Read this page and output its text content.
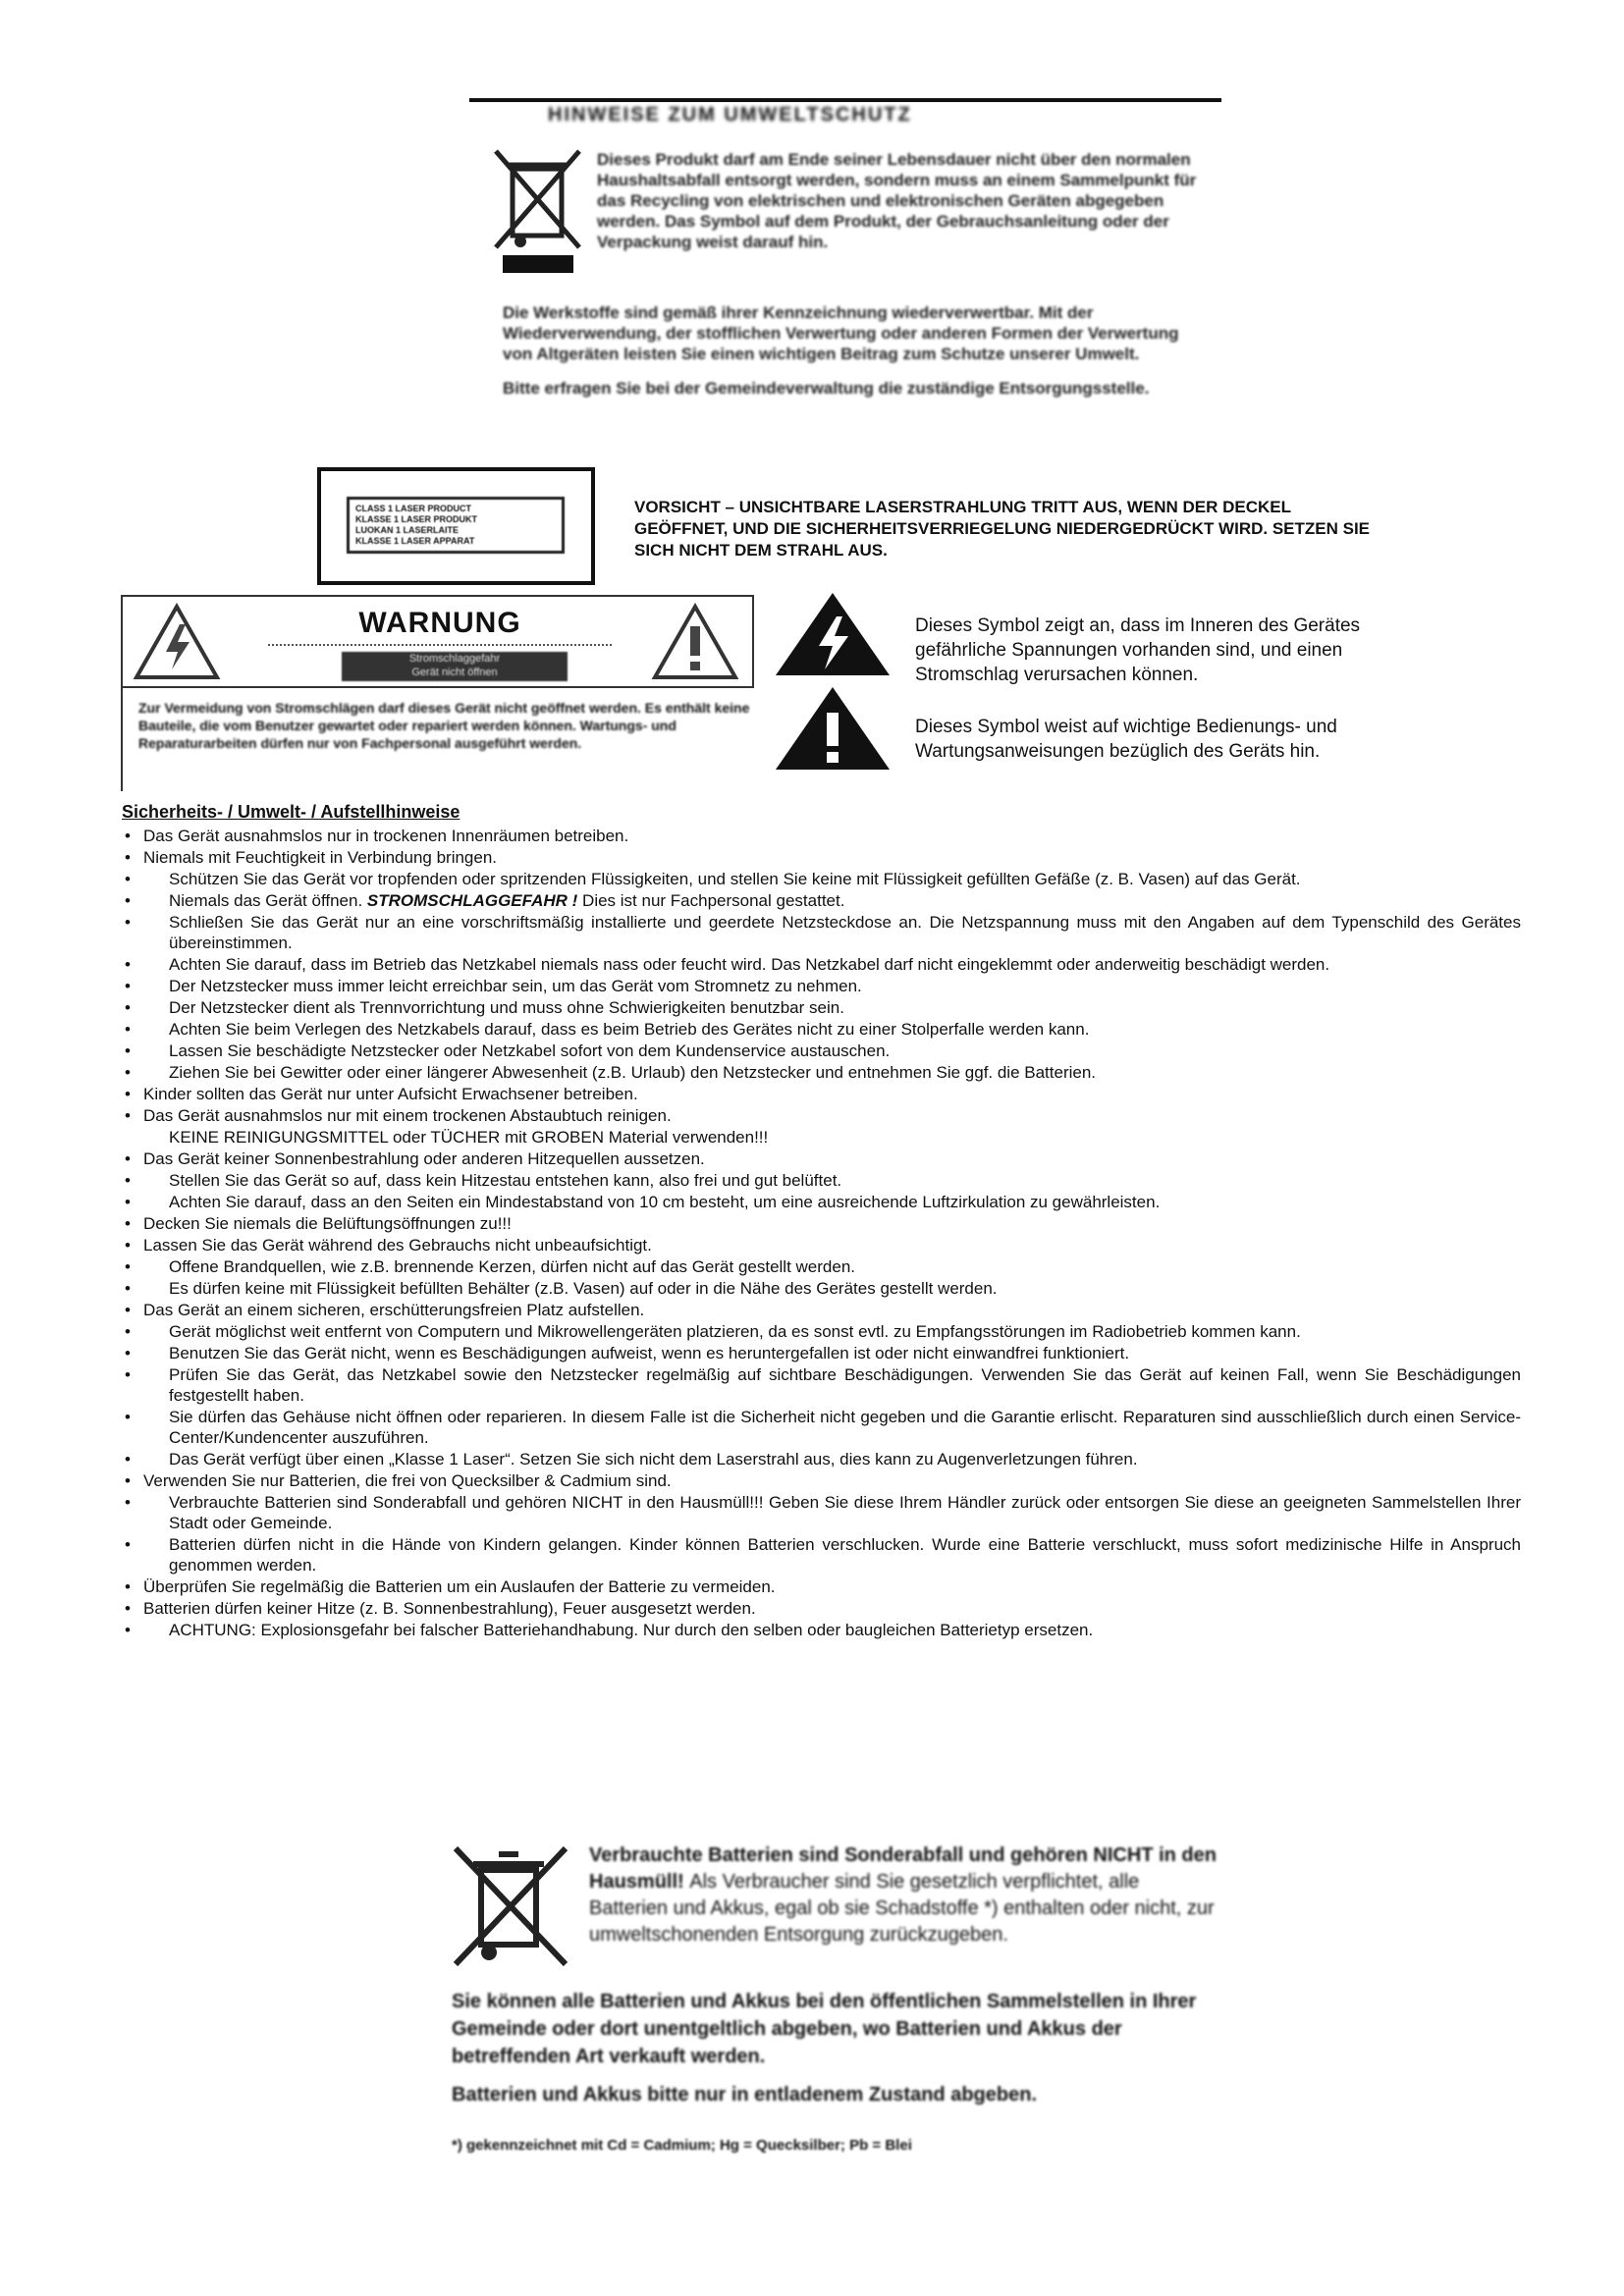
HINWEISE ZUM UMWELTSCHUTZ

Dieses Produkt darf am Ende seiner Lebensdauer nicht über den normalen Haushaltsabfall entsorgt werden, sondern muss an einem Sammelpunkt für das Recycling von elektrischen und elektronischen Geräten abgegeben werden. Das Symbol auf dem Produkt, der Gebrauchsanleitung oder der Verpackung weist darauf hin.

Die Werkstoffe sind gemäß ihrer Kennzeichnung wiederverwertbar. Mit der Wiederverwendung, der stofflichen Verwertung oder anderen Formen der Verwertung von Altgeräten leisten Sie einen wichtigen Beitrag zum Schutze unserer Umwelt.

Bitte erfragen Sie bei der Gemeindeverwaltung die zuständige Entsorgungsstelle.

CLASS 1 LASER PRODUCT
KLASSE 1 LASER PRODUKT
LUOKAN 1 LASERLAITE
KLASSE 1 LASER APPARAT
VORSICHT – UNSICHTBARE LASERSTRAHLUNG TRITT AUS, WENN DER DECKEL GEÖFFNET, UND DIE SICHERHEITSVERRIEGELUNG NIEDERGEDRÜCKT WIRD. SETZEN SIE SICH NICHT DEM STRAHL AUS.
WARNUNG
Stromschlaggefahr
Gerät nicht öffnen
Zur Vermeidung von Stromschlägen darf dieses Gerät nicht geöffnet werden. Es enthält keine Bauteile, die vom Benutzer gewartet oder repariert werden können. Wartungs- und Reparaturarbeiten dürfen nur von Fachpersonal ausgeführt werden.
Dieses Symbol zeigt an, dass im Inneren des Gerätes gefährliche Spannungen vorhanden sind, und einen Stromschlag verursachen können.
Dieses Symbol weist auf wichtige Bedienungs- und Wartungsanweisungen bezüglich des Geräts hin.
Sicherheits- / Umwelt- / Aufstellhinweise
• Das Gerät ausnahmslos nur in trockenen Innenräumen betreiben.
• Niemals mit Feuchtigkeit in Verbindung bringen.
• Schützen Sie das Gerät vor tropfenden oder spritzenden Flüssigkeiten, und stellen Sie keine mit Flüssigkeit gefüllten Gefäße (z. B. Vasen) auf das Gerät.
• Niemals das Gerät öffnen. STROMSCHLAGGEFAHR ! Dies ist nur Fachpersonal gestattet.
• Schließen Sie das Gerät nur an eine vorschriftsmäßig installierte und geerdete Netzsteckdose an. Die Netzspannung muss mit den Angaben auf dem Typenschild des Gerätes übereinstimmen.
• Achten Sie darauf, dass im Betrieb das Netzkabel niemals nass oder feucht wird. Das Netzkabel darf nicht eingeklemmt oder anderweitig beschädigt werden.
• Der Netzstecker muss immer leicht erreichbar sein, um das Gerät vom Stromnetz zu nehmen.
• Der Netzstecker dient als Trennvorrichtung und muss ohne Schwierigkeiten benutzbar sein.
• Achten Sie beim Verlegen des Netzkabels darauf, dass es beim Betrieb des Gerätes nicht zu einer Stolperfalle werden kann.
• Lassen Sie beschädigte Netzstecker oder Netzkabel sofort von dem Kundenservice austauschen.
• Ziehen Sie bei Gewitter oder einer längerer Abwesenheit (z.B. Urlaub) den Netzstecker und entnehmen Sie ggf. die Batterien.
• Kinder sollten das Gerät nur unter Aufsicht Erwachsener betreiben.
• Das Gerät ausnahmslos nur mit einem trockenen Abstaubtuch reinigen.
KEINE REINIGUNGSMITTEL oder TÜCHER mit GROBEN Material verwenden!!!
• Das Gerät keiner Sonnenbestrahlung oder anderen Hitzequellen aussetzen.
• Stellen Sie das Gerät so auf, dass kein Hitzestau entstehen kann, also frei und gut belüftet.
• Achten Sie darauf, dass an den Seiten ein Mindestabstand von 10 cm besteht, um eine ausreichende Luftzirkulation zu gewährleisten.
• Decken Sie niemals die Belüftungsöffnungen zu!!!
• Lassen Sie das Gerät während des Gebrauchs nicht unbeaufsichtigt.
• Offene Brandquellen, wie z.B. brennende Kerzen, dürfen nicht auf das Gerät gestellt werden.
• Es dürfen keine mit Flüssigkeit befüllten Behälter (z.B. Vasen) auf oder in die Nähe des Gerätes gestellt werden.
• Das Gerät an einem sicheren, erschütterungsfreien Platz aufstellen.
• Gerät möglichst weit entfernt von Computern und Mikrowellengeräten platzieren, da es sonst evtl. zu Empfangsstörungen im Radiobetrieb kommen kann.
• Benutzen Sie das Gerät nicht, wenn es Beschädigungen aufweist, wenn es heruntergefallen ist oder nicht einwandfrei funktioniert.
• Prüfen Sie das Gerät, das Netzkabel sowie den Netzstecker regelmäßig auf sichtbare Beschädigungen. Verwenden Sie das Gerät auf keinen Fall, wenn Sie Beschädigungen festgestellt haben.
• Sie dürfen das Gehäuse nicht öffnen oder reparieren. In diesem Falle ist die Sicherheit nicht gegeben und die Garantie erlischt. Reparaturen sind ausschließlich durch einen Service-Center/Kundencenter auszuführen.
• Das Gerät verfügt über einen „Klasse 1 Laser“. Setzen Sie sich nicht dem Laserstrahl aus, dies kann zu Augenverletzungen führen.
• Verwenden Sie nur Batterien, die frei von Quecksilber & Cadmium sind.
• Verbrauchte Batterien sind Sonderabfall und gehören NICHT in den Hausmüll!!! Geben Sie diese Ihrem Händler zurück oder entsorgen Sie diese an geeigneten Sammelstellen Ihrer Stadt oder Gemeinde.
• Batterien dürfen nicht in die Hände von Kindern gelangen. Kinder können Batterien verschlucken. Wurde eine Batterie verschluckt, muss sofort medizinische Hilfe in Anspruch genommen werden.
• Überprüfen Sie regelmäßig die Batterien um ein Auslaufen der Batterie zu vermeiden.
• Batterien dürfen keiner Hitze (z. B. Sonnenbestrahlung), Feuer ausgesetzt werden.
• ACHTUNG: Explosionsgefahr bei falscher Batteriehandhabung. Nur durch den selben oder baugleichen Batterietyp ersetzen.
Verbrauchte Batterien sind Sonderabfall und gehören NICHT in den Hausmüll! Als Verbraucher sind Sie gesetzlich verpflichtet, alle Batterien und Akkus, egal ob sie Schadstoffe *) enthalten oder nicht, zur umweltschonenden Entsorgung zurückzugeben.
Sie können alle Batterien und Akkus bei den öffentlichen Sammelstellen in Ihrer Gemeinde oder dort unentgeltlich abgeben, wo Batterien und Akkus der betreffenden Art verkauft werden.
Batterien und Akkus bitte nur in entladenem Zustand abgeben.
*) gekennzeichnet mit Cd = Cadmium; Hg = Quecksilber; Pb = Blei
